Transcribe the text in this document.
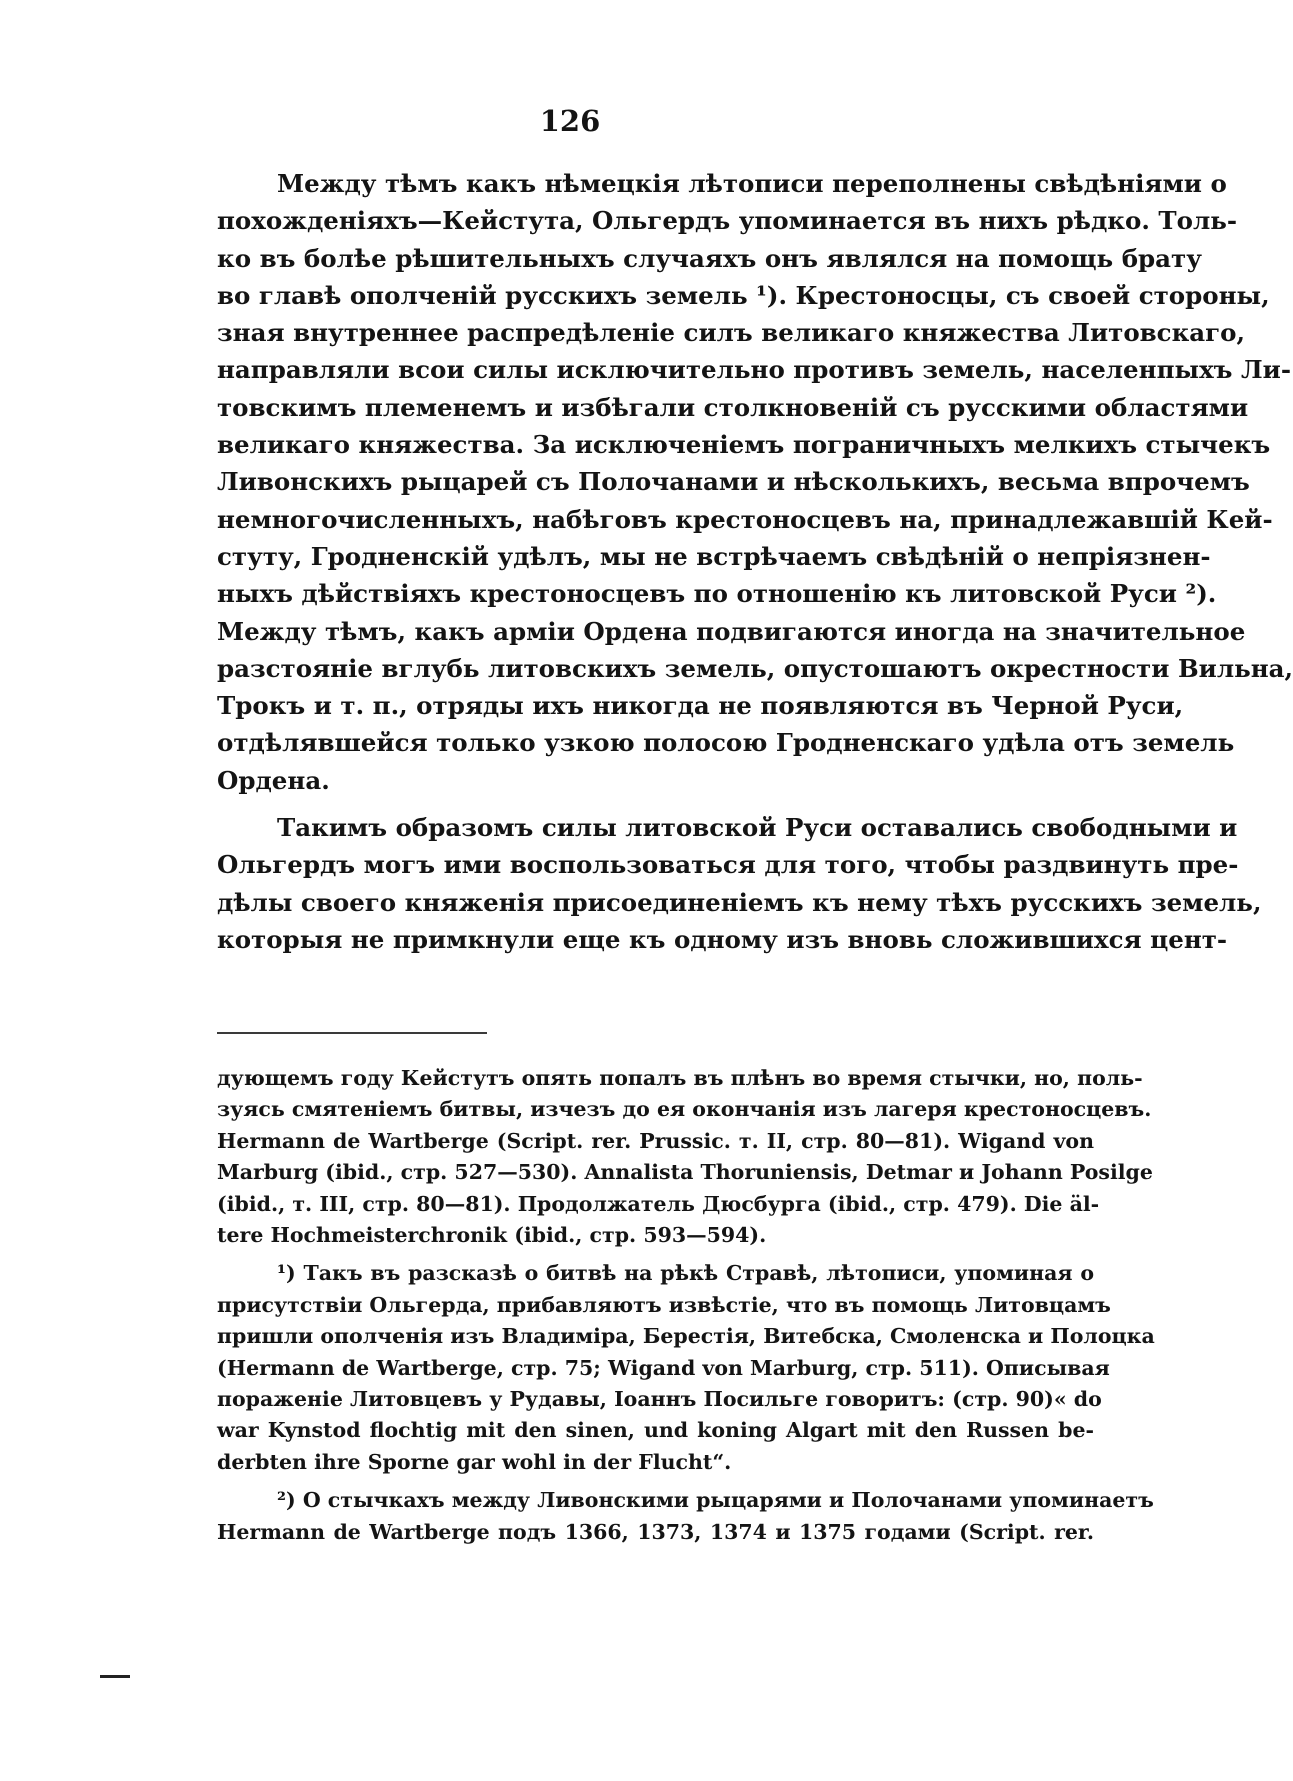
126
Между тѣмъ какъ нѣмецкія лѣтописи переполнены свѣдѣніями о
похожденіяхъ—Кейстута, Ольгердъ упоминается въ нихъ рѣдко. Толь-
ко въ болѣе рѣшительныхъ случаяхъ онъ являлся на помощь брату
во главѣ ополченій русскихъ земель ¹). Крестоносцы, съ своей стороны,
зная внутреннее распредѣленіе силъ великаго княжества Литовскаго,
направляли всои силы исключительно противъ земель, населенпыхъ Ли-
товскимъ племенемъ и избѣгали столкновеній съ русскими областями
великаго княжества. За исключеніемъ пограничныхъ мелкихъ стычекъ
Ливонскихъ рыцарей съ Полочанами и нѣсколькихъ, весьма впрочемъ
немногочисленныхъ, набѣговъ крестоносцевъ на, принадлежавшій Кей-
стуту, Гродненскій удѣлъ, мы не встрѣчаемъ свѣдѣній о непріязнен-
ныхъ дѣйствіяхъ крестоносцевъ по отношенію къ литовской Руси ²).
Между тѣмъ, какъ арміи Ордена подвигаются иногда на значительное
разстояніе вглубь литовскихъ земель, опустошаютъ окрестности Вильна,
Трокъ и т. п., отряды ихъ никогда не появляются въ Черной Руси,
отдѣлявшейся только узкою полосою Гродненскаго удѣла отъ земель
Ордена.
Такимъ образомъ силы литовской Руси оставались свободными и
Ольгердъ могъ ими воспользоваться для того, чтобы раздвинуть пре-
дѣлы своего княженія присоединеніемъ къ нему тѣхъ русскихъ земель,
которыя не примкнули еще къ одному изъ вновь сложившихся цент-
дующемъ году Кейстутъ опять попалъ въ плѣнъ во время стычки, но, поль-
зуясь смятеніемъ битвы, изчезъ до ея окончанія изъ лагеря крестоносцевъ.
Hermann de Wartberge (Script. rer. Prussic. т. II, стр. 80—81). Wigand von
Marburg (ibid., стр. 527—530). Annalista Thoruniensis, Detmar и Johann Posilge
(ibid., т. III, стр. 80—81). Продолжатель Дюсбурга (ibid., стр. 479). Die äl-
tere Hochmeisterchronik (ibid., стр. 593—594).
¹) Такъ въ разсказѣ о битвѣ на рѣкѣ Стравѣ, лѣтописи, упоминая о
присутствіи Ольгерда, прибавляютъ извѣстіе, что въ помощь Литовцамъ
пришли ополченія изъ Владиміра, Берестія, Витебска, Смоленска и Полоцка
(Hermann de Wartberge, стр. 75; Wigand von Marburg, стр. 511). Описывая
пораженіе Литовцевъ у Рудавы, Іоаннъ Посильге говоритъ: (стр. 90)« do
war Kynstod flochtig mit den sinen, und koning Algart mit den Russen be-
derbten ihre Sporne gar wohl in der Flucht“.
²) О стычкахъ между Ливонскими рыцарями и Полочанами упоминаетъ
Hermann de Wartberge подъ 1366, 1373, 1374 и 1375 годами (Script. rer.
